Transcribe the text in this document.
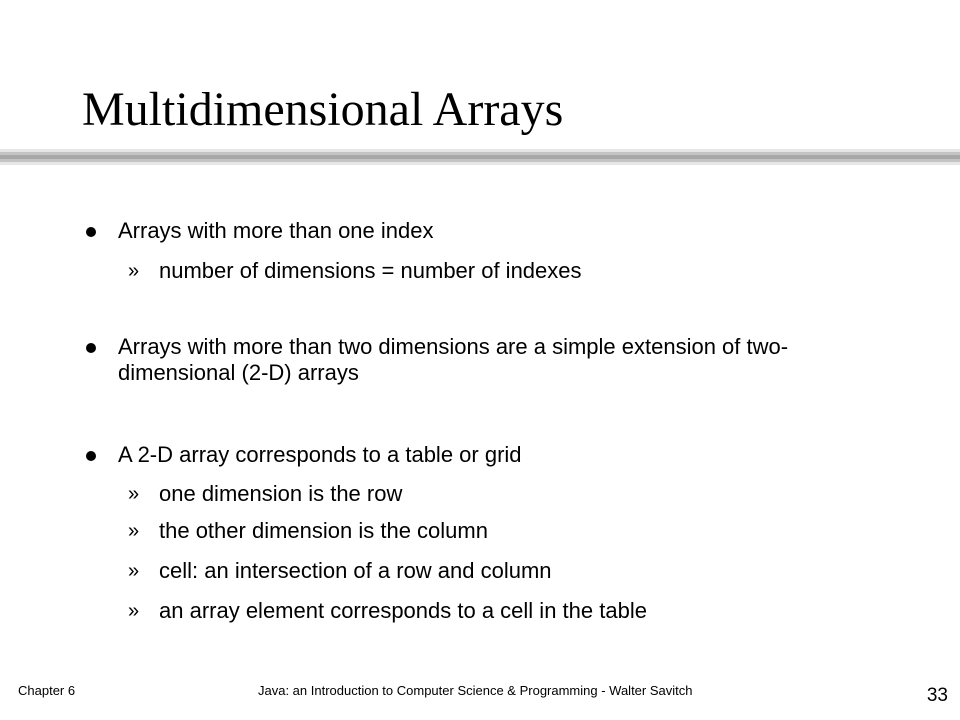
Multidimensional Arrays
Arrays with more than one index
» number of dimensions = number of indexes
Arrays with more than two dimensions are a simple extension of two-dimensional (2-D) arrays
A 2-D array corresponds to a table or grid
» one dimension is the row
» the other dimension is the column
» cell: an intersection of a row and column
» an array element corresponds to a cell in the table
Chapter 6	Java: an Introduction to Computer Science & Programming - Walter Savitch	33
